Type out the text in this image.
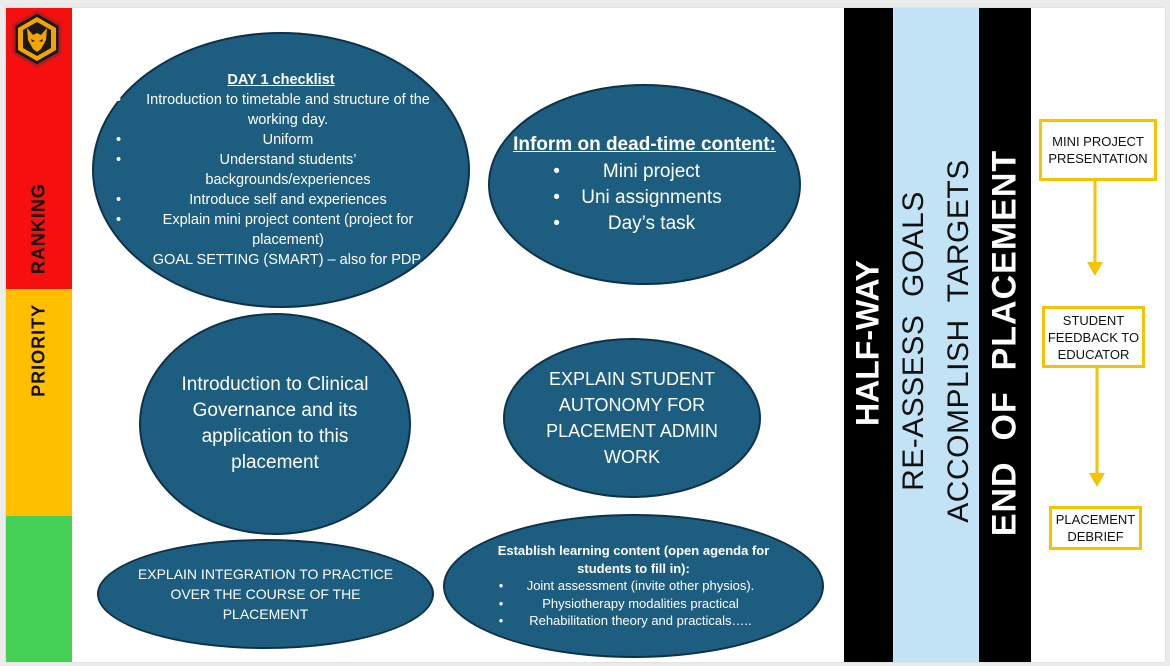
PRIORITY     RANKING
DAY 1 checklist
• Introduction to timetable and structure of the working day.
• Uniform
• Understand students’ backgrounds/experiences
• Introduce self and experiences
• Explain mini project content (project for placement)
• GOAL SETTING (SMART) – also for PDP.
Inform on dead-time content:
• Mini project
• Uni assignments
• Day’s task
Introduction to Clinical Governance and its application to this placement
EXPLAIN STUDENT AUTONOMY FOR PLACEMENT ADMIN WORK
EXPLAIN INTEGRATION TO PRACTICE OVER THE COURSE OF THE PLACEMENT
Establish learning content (open agenda for students to fill in):
• Joint assessment (invite other physios).
• Physiotherapy modalities practical
• Rehabilitation theory and practicals…..
HALF-WAY RE-ASSESS  GOALS ACCOMPLISH  TARGETS END  OF  PLACEMENT
MINI PROJECT PRESENTATION
STUDENT FEEDBACK TO EDUCATOR
PLACEMENT DEBRIEF
